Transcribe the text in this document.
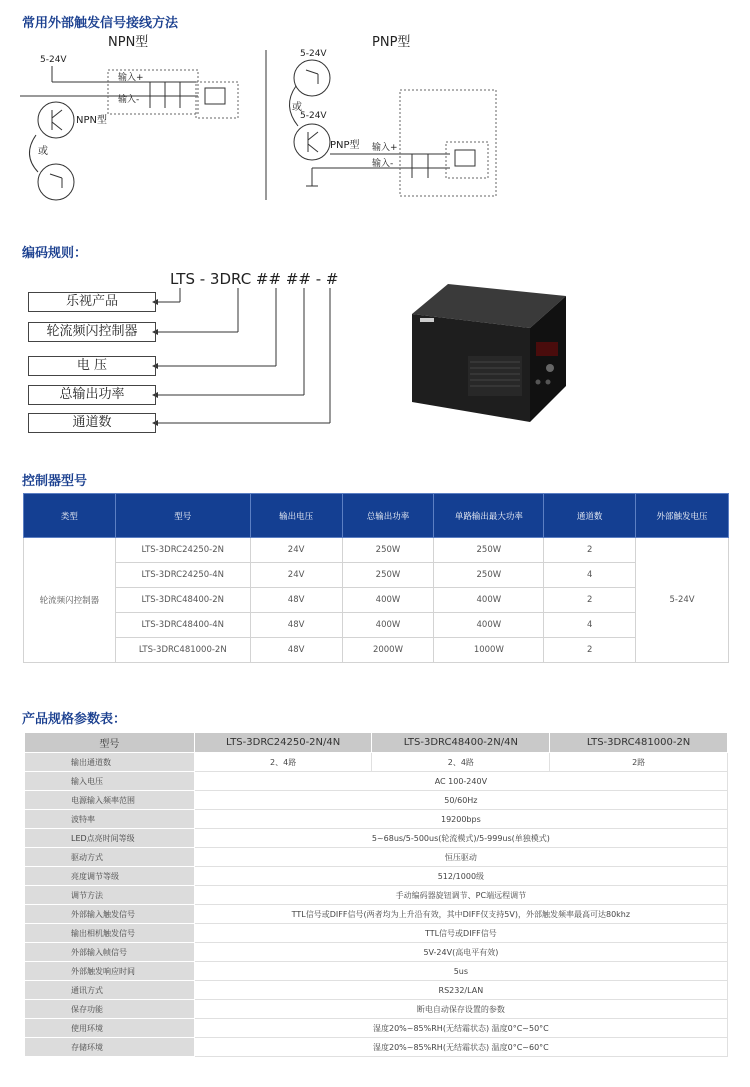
常用外部触发信号接线方法
NPN型
5-24V
输入+
输入-
NPN型
或
PNP型
5-24V
或
5-24V
PNP型 输入+
输入-
编码规则：
LTS - 3DRC ## ## - #
乐视产品
轮流频闪控制器
电 压
总输出功率
通道数
控制器型号
类型	型号	输出电压	总输出功率	单路输出最大功率	通道数	外部触发电压
轮流频闪控制器	LTS-3DRC24250-2N	24V	250W	250W	2	5-24V
	LTS-3DRC24250-4N	24V	250W	250W	4	
	LTS-3DRC48400-2N	48V	400W	400W	2	
	LTS-3DRC48400-4N	48V	400W	400W	4	
	LTS-3DRC481000-2N	48V	2000W	1000W	2	
产品规格参数表：
型号	LTS-3DRC24250-2N/4N	LTS-3DRC48400-2N/4N	LTS-3DRC481000-2N
输出通道数	2、4路	2、4路	2路
输入电压	AC 100-240V		
电源输入频率范围	50/60Hz		
波特率	19200bps		
LED点亮时间等级	5~68us/5-500us(轮流模式)/5-999us(单独模式)		
驱动方式	恒压驱动		
亮度调节等级	512/1000级		
调节方法	手动编码器旋钮调节、PC端远程调节		
外部输入触发信号	TTL信号或DIFF信号(两者均为上升沿有效，其中DIFF仅支持5V)，外部触发频率最高可达80khz		
输出相机触发信号	TTL信号或DIFF信号		
外部输入帧信号	5V-24V(高电平有效)		
外部触发响应时间	5us		
通讯方式	RS232/LAN		
保存功能	断电自动保存设置的参数		
使用环境	湿度20%~85%RH(无结霜状态) 温度0°C~50°C		
存储环境	湿度20%~85%RH(无结霜状态) 温度0°C~60°C		
